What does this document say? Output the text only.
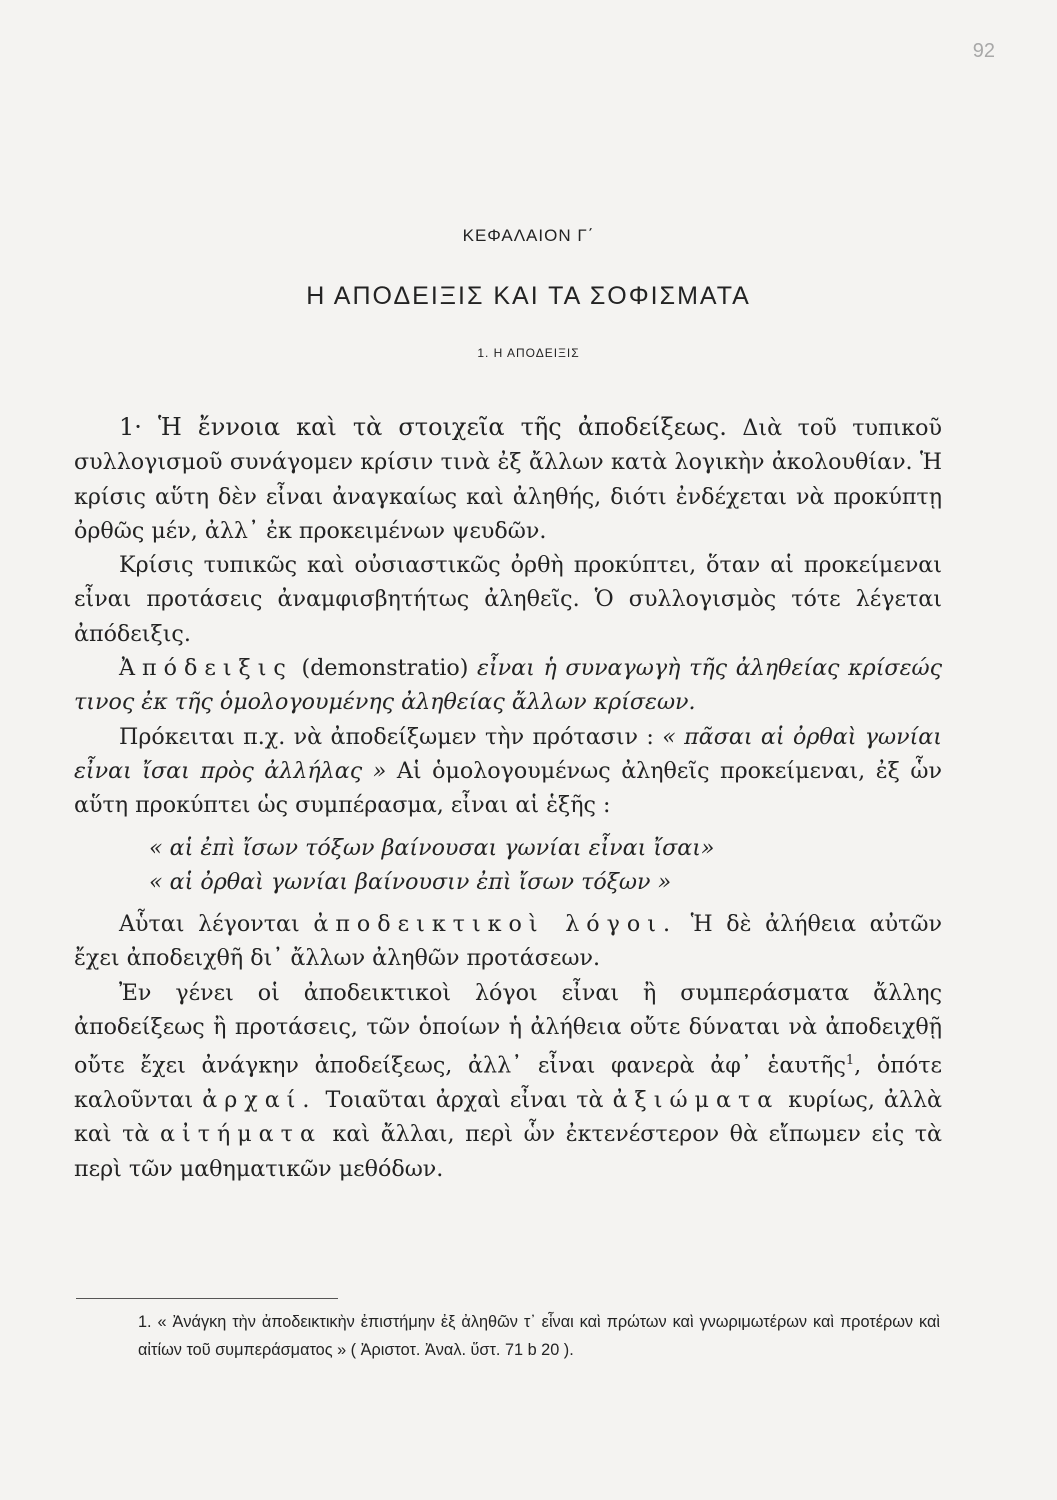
92
ΚΕΦΑΛΑΙΟΝ Γ΄
Η ΑΠΟΔΕΙΞΙΣ ΚΑΙ ΤΑ ΣΟΦΙΣΜΑΤΑ
1. Η ΑΠΟΔΕΙΞΙΣ

1· Ἡ ἔννοια καὶ τὰ στοιχεῖα τῆς ἀποδείξεως. Διὰ τοῦ τυπικοῦ συλλογισμοῦ συνάγομεν κρίσιν τινὰ ἐξ ἄλλων κατὰ λογικὴν ἀκολουθίαν. Ἡ κρίσις αὕτη δὲν εἶναι ἀναγκαίως καὶ ἀληθής, διότι ἐνδέχεται νὰ προκύπτῃ ὀρθῶς μέν, ἀλλ᾽ ἐκ προκειμένων ψευδῶν.

Κρίσις τυπικῶς καὶ οὐσιαστικῶς ὀρθὴ προκύπτει, ὅταν αἱ προκείμεναι εἶναι προτάσεις ἀναμφισβητήτως ἀληθεῖς. Ὁ συλλογισμὸς τότε λέγεται ἀπόδειξις.

Ἀπόδειξις (demonstratio) εἶναι ἡ συναγωγὴ τῆς ἀληθείας κρίσεώς τινος ἐκ τῆς ὁμολογουμένης ἀληθείας ἄλλων κρίσεων.

Πρόκειται π.χ. νὰ ἀποδείξωμεν τὴν πρότασιν : « πᾶσαι αἱ ὀρθαὶ γωνίαι εἶναι ἴσαι πρὸς ἀλλήλας » Αἱ ὁμολογουμένως ἀληθεῖς προκείμεναι, ἐξ ὧν αὕτη προκύπτει ὡς συμπέρασμα, εἶναι αἱ ἑξῆς :

« αἱ ἐπὶ ἴσων τόξων βαίνουσαι γωνίαι εἶναι ἴσαι»

« αἱ ὀρθαὶ γωνίαι βαίνουσιν ἐπὶ ἴσων τόξων »

Αὗται λέγονται ἀποδεικτικοὶ λόγοι. Ἡ δὲ ἀλήθεια αὐτῶν ἔχει ἀποδειχθῆ δι᾽ ἄλλων ἀληθῶν προτάσεων.

Ἐν γένει οἱ ἀποδεικτικοὶ λόγοι εἶναι ἢ συμπεράσματα ἄλλης ἀποδείξεως ἢ προτάσεις, τῶν ὁποίων ἡ ἀλήθεια οὔτε δύναται νὰ ἀποδειχθῇ οὔτε ἔχει ἀνάγκην ἀποδείξεως, ἀλλ᾽ εἶναι φανερὰ ἀφ᾽ ἑαυτῆς$^1$, ὁπότε καλοῦνται ἀρχαί. Τοιαῦται ἀρχαὶ εἶναι τὰ ἀξιώματα κυρίως, ἀλλὰ καὶ τὰ αἰτήματα καὶ ἄλλαι, περὶ ὧν ἐκτενέστερον θὰ εἴπωμεν εἰς τὰ περὶ τῶν μαθηματικῶν μεθόδων.

1. « Ἀνάγκη τὴν ἀποδεικτικὴν ἐπιστήμην ἐξ ἀληθῶν τ᾽ εἶναι καὶ πρώτων καὶ γνωριμωτέρων καὶ προτέρων καὶ αἰτίων τοῦ συμπεράσματος » ( Ἀριστοτ. Ἀναλ. ὕστ. 71 b 20 ).
